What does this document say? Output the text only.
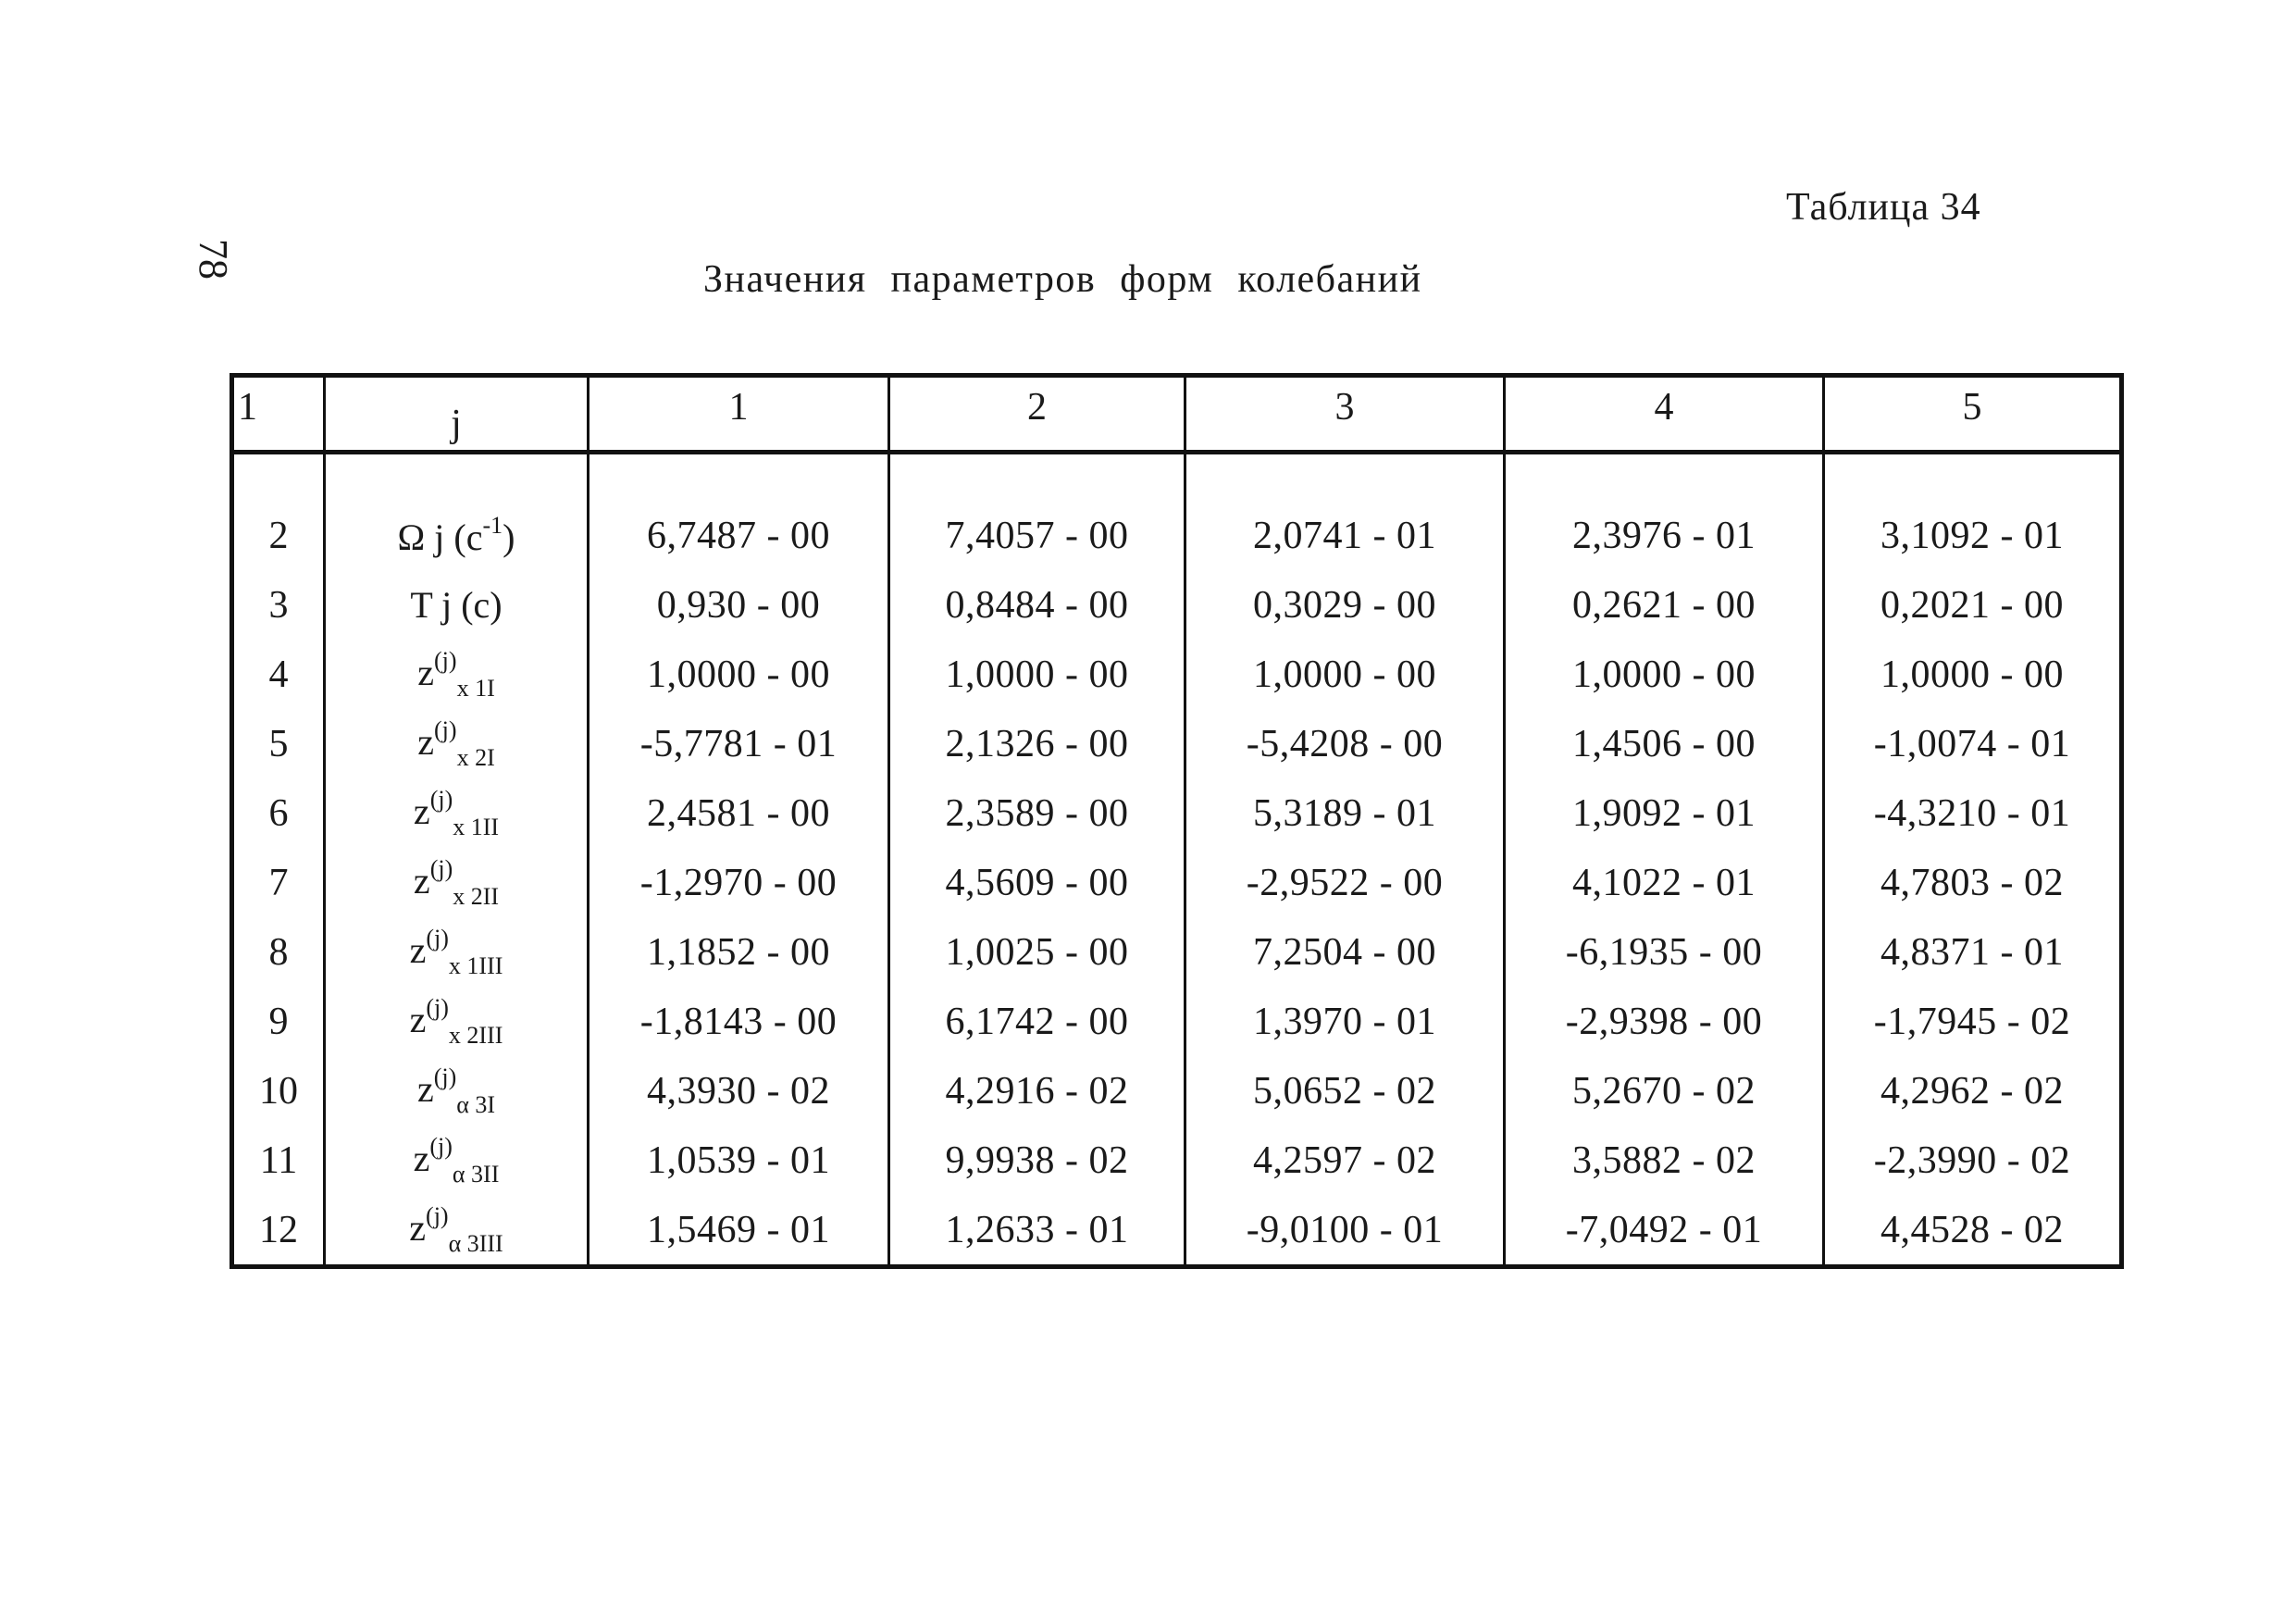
78
Таблица 34
Значения параметров форм колебаний
1	j	1	2	3	4	5
2	Ω j $(c^{-1})$	6,7487 - 00	7,4057 - 00	2,0741 - 01	2,3976 - 01	3,1092 - 01
3	T j (c)	0,930 - 00	0,8484 - 00	0,3029 - 00	0,2621 - 00	0,2021 - 00
4	$z^{(j)}_{x 1I}$	1,0000 - 00	1,0000 - 00	1,0000 - 00	1,0000 - 00	1,0000 - 00
5	$z^{(j)}_{x 2I}$	-5,7781 - 01	2,1326 - 00	-5,4208 - 00	1,4506 - 00	-1,0074 - 01
6	$z^{(j)}_{x 1II}$	2,4581 - 00	2,3589 - 00	5,3189 - 01	1,9092 - 01	-4,3210 - 01
7	$z^{(j)}_{x 2II}$	-1,2970 - 00	4,5609 - 00	-2,9522 - 00	4,1022 - 01	4,7803 - 02
8	$z^{(j)}_{x 1III}$	1,1852 - 00	1,0025 - 00	7,2504 - 00	-6,1935 - 00	4,8371 - 01
9	$z^{(j)}_{x 2III}$	-1,8143 - 00	6,1742 - 00	1,3970 - 01	-2,9398 - 00	-1,7945 - 02
10	$z^{(j)}_{\alpha 3I}$	4,3930 - 02	4,2916 - 02	5,0652 - 02	5,2670 - 02	4,2962 - 02
11	$z^{(j)}_{\alpha 3II}$	1,0539 - 01	9,9938 - 02	4,2597 - 02	3,5882 - 02	-2,3990 - 02
12	$z^{(j)}_{\alpha 3III}$	1,5469 - 01	1,2633 - 01	-9,0100 - 01	-7,0492 - 01	4,4528 - 02
